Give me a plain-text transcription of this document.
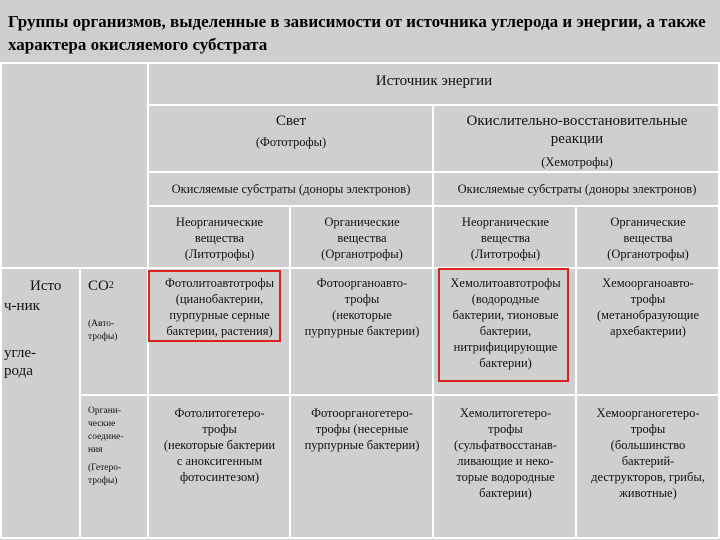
Группы организмов, выделенные в зависимости от источника углерода и энергии, а также характера окисляемого субстрата
Источник энергии
Свет
(Фототрофы)
Окислительно-восстановительные
реакции
(Хемотрофы)
Окисляемые субстраты (доноры электронов)	Окисляемые субстраты (доноры электронов)
Неорганические
вещества
(Литотрофы)
Органические
вещества
(Органотрофы)
Неорганические
вещества
(Литотрофы)
Органические
вещества
(Органотрофы)
Исто
ч-ник
угле-
рода
CO 2
(Авто-
трофы)
Органи-
ческие
соедине-
ния
(Гетеро-
трофы)
Фотолитоавтотрофы
(цианобактерии,
пурпурные серные
бактерии, растения)
Фотоорганоавто-
трофы
(некоторые
пурпурные бактерии)
Хемолитоавтотрофы
(водородные
бактерии, тионовые
бактерии,
нитрифицирующие
бактерии)
Хемоорганоавто-
трофы
(метанобразующие
архебактерии)
Фотолитогетеро-
трофы
(некоторые бактерии
с аноксигенным
фотосинтезом)
Фотоорганогетеро-
трофы (несерные
пурпурные бактерии)
Хемолитогетеро-
трофы
(сульфатвосстанав-
ливающие и неко-
торые водородные
бактерии)
Хемоорганогетеро-
трофы
(большинство
бактерий-
деструкторов, грибы,
животные)
